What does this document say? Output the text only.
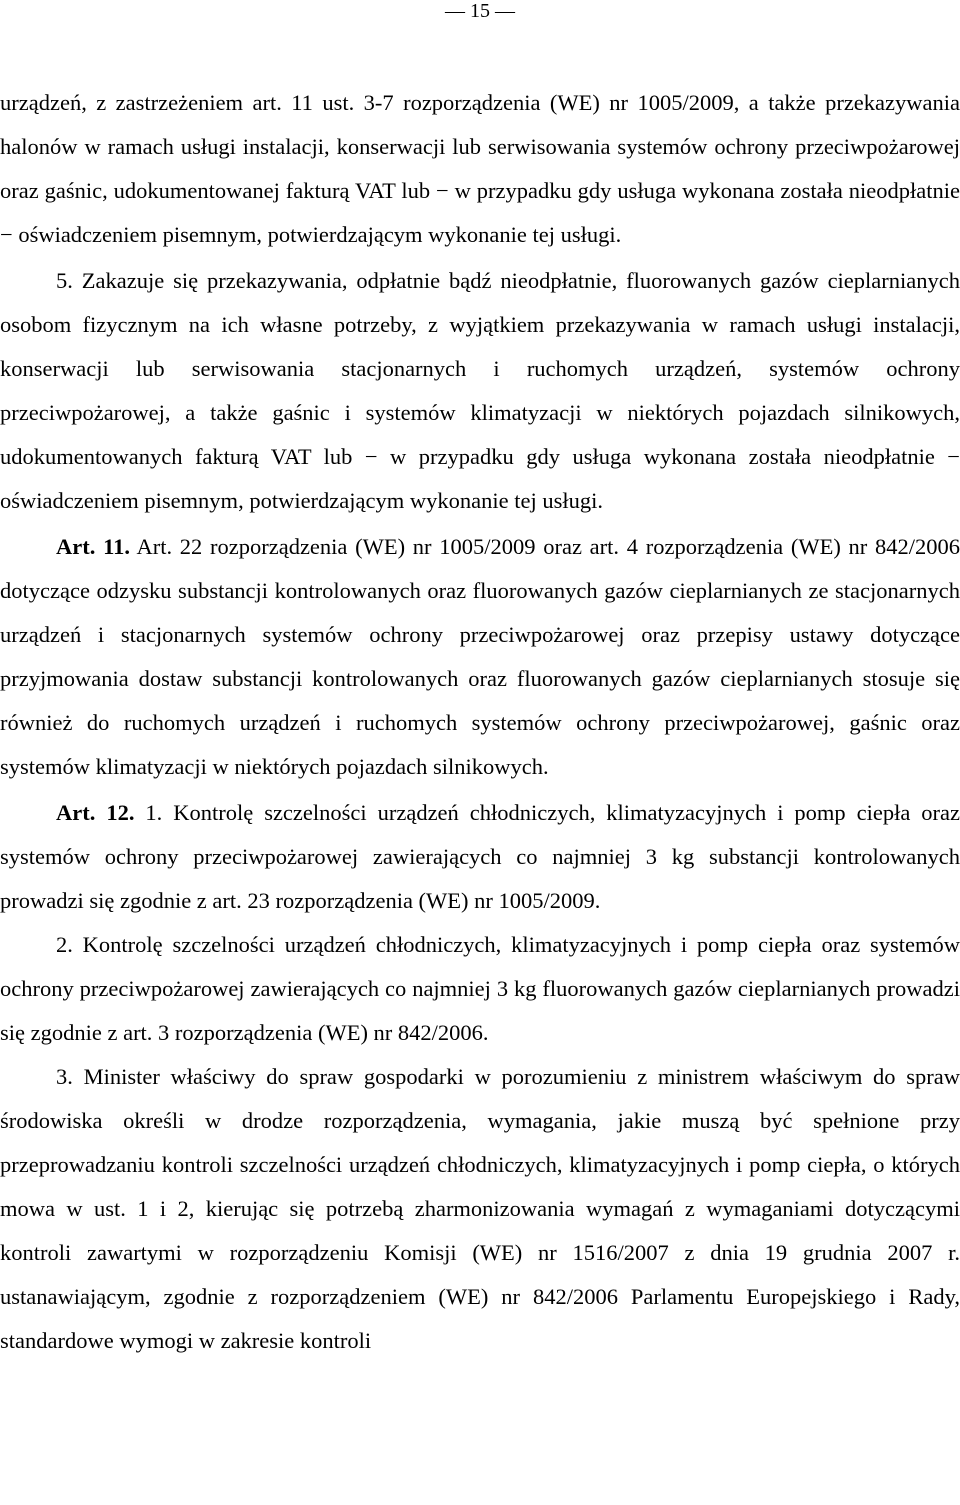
— 15 —

urządzeń, z zastrzeżeniem art. 11 ust. 3-7 rozporządzenia (WE) nr 1005/2009, a także przekazywania halonów w ramach usługi instalacji, konserwacji lub serwisowania systemów ochrony przeciwpożarowej oraz gaśnic, udokumentowanej fakturą VAT lub − w przypadku gdy usługa wykonana została nieodpłatnie − oświadczeniem pisemnym, potwierdzającym wykonanie tej usługi.

5. Zakazuje się przekazywania, odpłatnie bądź nieodpłatnie, fluorowanych gazów cieplarnianych osobom fizycznym na ich własne potrzeby, z wyjątkiem przekazywania w ramach usługi instalacji, konserwacji lub serwisowania stacjonarnych i ruchomych urządzeń, systemów ochrony przeciwpożarowej, a także gaśnic i systemów klimatyzacji w niektórych pojazdach silnikowych, udokumentowanych fakturą VAT lub − w przypadku gdy usługa wykonana została nieodpłatnie − oświadczeniem pisemnym, potwierdzającym wykonanie tej usługi.

Art. 11. Art. 22 rozporządzenia (WE) nr 1005/2009 oraz art. 4 rozporządzenia (WE) nr 842/2006 dotyczące odzysku substancji kontrolowanych oraz fluorowanych gazów cieplarnianych ze stacjonarnych urządzeń i stacjonarnych systemów ochrony przeciwpożarowej oraz przepisy ustawy dotyczące przyjmowania dostaw substancji kontrolowanych oraz fluorowanych gazów cieplarnianych stosuje się również do ruchomych urządzeń i ruchomych systemów ochrony przeciwpożarowej, gaśnic oraz systemów klimatyzacji w niektórych pojazdach silnikowych.

Art. 12. 1. Kontrolę szczelności urządzeń chłodniczych, klimatyzacyjnych i pomp ciepła oraz systemów ochrony przeciwpożarowej zawierających co najmniej 3 kg substancji kontrolowanych prowadzi się zgodnie z art. 23 rozporządzenia (WE) nr 1005/2009.

2. Kontrolę szczelności urządzeń chłodniczych, klimatyzacyjnych i pomp ciepła oraz systemów ochrony przeciwpożarowej zawierających co najmniej 3 kg fluorowanych gazów cieplarnianych prowadzi się zgodnie z art. 3 rozporządzenia (WE) nr 842/2006.

3. Minister właściwy do spraw gospodarki w porozumieniu z ministrem właściwym do spraw środowiska określi w drodze rozporządzenia, wymagania, jakie muszą być spełnione przy przeprowadzaniu kontroli szczelności urządzeń chłodniczych, klimatyzacyjnych i pomp ciepła, o których mowa w ust. 1 i 2, kierując się potrzebą zharmonizowania wymagań z wymaganiami dotyczącymi kontroli zawartymi w rozporządzeniu Komisji (WE) nr 1516/2007 z dnia 19 grudnia 2007 r. ustanawiającym, zgodnie z rozporządzeniem (WE) nr 842/2006 Parlamentu Europejskiego i Rady, standardowe wymogi w zakresie kontroli
